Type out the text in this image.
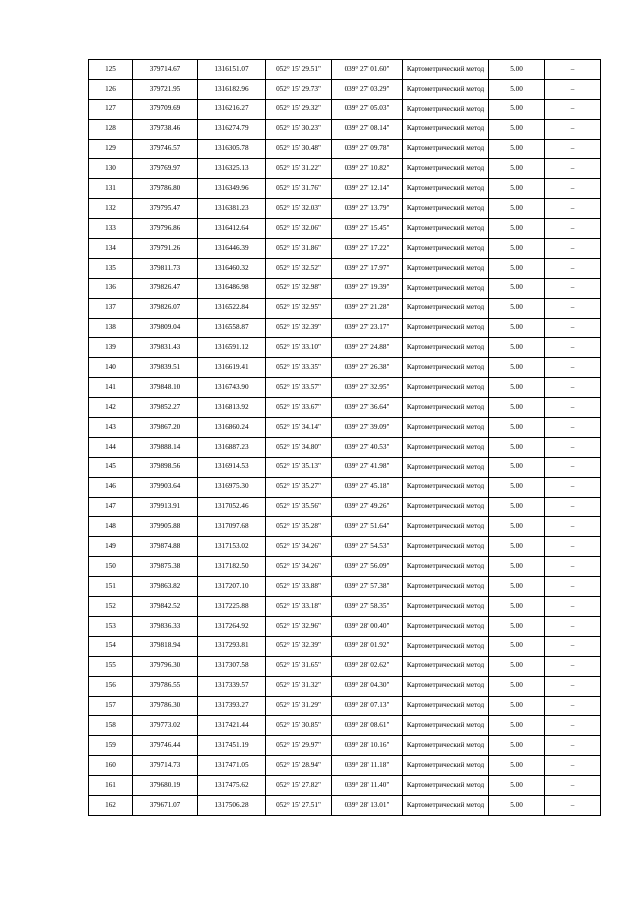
125	379714.67	1316151.07	052° 15' 29.51"	039° 27' 01.60"	Картометрический метод	5.00	–
126	379721.95	1316182.96	052° 15' 29.73"	039° 27' 03.29"	Картометрический метод	5.00	–
127	379709.69	1316216.27	052° 15' 29.32"	039° 27' 05.03"	Картометрический метод	5.00	–
128	379738.46	1316274.79	052° 15' 30.23"	039° 27' 08.14"	Картометрический метод	5.00	–
129	379746.57	1316305.78	052° 15' 30.48"	039° 27' 09.78"	Картометрический метод	5.00	–
130	379769.97	1316325.13	052° 15' 31.22"	039° 27' 10.82"	Картометрический метод	5.00	–
131	379786.80	1316349.96	052° 15' 31.76"	039° 27' 12.14"	Картометрический метод	5.00	–
132	379795.47	1316381.23	052° 15' 32.03"	039° 27' 13.79"	Картометрический метод	5.00	–
133	379796.86	1316412.64	052° 15' 32.06"	039° 27' 15.45"	Картометрический метод	5.00	–
134	379791.26	1316446.39	052° 15' 31.86"	039° 27' 17.22"	Картометрический метод	5.00	–
135	379811.73	1316460.32	052° 15' 32.52"	039° 27' 17.97"	Картометрический метод	5.00	–
136	379826.47	1316486.98	052° 15' 32.98"	039° 27' 19.39"	Картометрический метод	5.00	–
137	379826.07	1316522.84	052° 15' 32.95"	039° 27' 21.28"	Картометрический метод	5.00	–
138	379809.04	1316558.87	052° 15' 32.39"	039° 27' 23.17"	Картометрический метод	5.00	–
139	379831.43	1316591.12	052° 15' 33.10"	039° 27' 24.88"	Картометрический метод	5.00	–
140	379839.51	1316619.41	052° 15' 33.35"	039° 27' 26.38"	Картометрический метод	5.00	–
141	379848.10	1316743.90	052° 15' 33.57"	039° 27' 32.95"	Картометрический метод	5.00	–
142	379852.27	1316813.92	052° 15' 33.67"	039° 27' 36.64"	Картометрический метод	5.00	–
143	379867.20	1316860.24	052° 15' 34.14"	039° 27' 39.09"	Картометрический метод	5.00	–
144	379888.14	1316887.23	052° 15' 34.80"	039° 27' 40.53"	Картометрический метод	5.00	–
145	379898.56	1316914.53	052° 15' 35.13"	039° 27' 41.98"	Картометрический метод	5.00	–
146	379903.64	1316975.30	052° 15' 35.27"	039° 27' 45.18"	Картометрический метод	5.00	–
147	379913.91	1317052.46	052° 15' 35.56"	039° 27' 49.26"	Картометрический метод	5.00	–
148	379905.88	1317097.68	052° 15' 35.28"	039° 27' 51.64"	Картометрический метод	5.00	–
149	379874.88	1317153.02	052° 15' 34.26"	039° 27' 54.53"	Картометрический метод	5.00	–
150	379875.38	1317182.50	052° 15' 34.26"	039° 27' 56.09"	Картометрический метод	5.00	–
151	379863.82	1317207.10	052° 15' 33.88"	039° 27' 57.38"	Картометрический метод	5.00	–
152	379842.52	1317225.88	052° 15' 33.18"	039° 27' 58.35"	Картометрический метод	5.00	–
153	379836.33	1317264.92	052° 15' 32.96"	039° 28' 00.40"	Картометрический метод	5.00	–
154	379818.94	1317293.81	052° 15' 32.39"	039° 28' 01.92"	Картометрический метод	5.00	–
155	379796.30	1317307.58	052° 15' 31.65"	039° 28' 02.62"	Картометрический метод	5.00	–
156	379786.55	1317339.57	052° 15' 31.32"	039° 28' 04.30"	Картометрический метод	5.00	–
157	379786.30	1317393.27	052° 15' 31.29"	039° 28' 07.13"	Картометрический метод	5.00	–
158	379773.02	1317421.44	052° 15' 30.85"	039° 28' 08.61"	Картометрический метод	5.00	–
159	379746.44	1317451.19	052° 15' 29.97"	039° 28' 10.16"	Картометрический метод	5.00	–
160	379714.73	1317471.05	052° 15' 28.94"	039° 28' 11.18"	Картометрический метод	5.00	–
161	379680.19	1317475.62	052° 15' 27.82"	039° 28' 11.40"	Картометрический метод	5.00	–
162	379671.07	1317506.28	052° 15' 27.51"	039° 28' 13.01"	Картометрический метод	5.00	–
